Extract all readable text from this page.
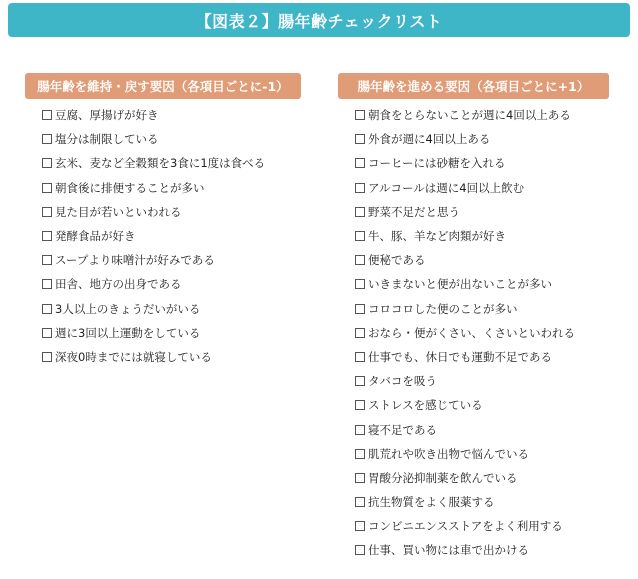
【図表２】腸年齢チェックリスト
腸年齢を維持・戻す要因（各項目ごとに-1）
豆腐、厚揚げが好き
塩分は制限している
玄米、麦など全穀類を3食に1度は食べる
朝食後に排便することが多い
見た目が若いといわれる
発酵食品が好き
スープより味噌汁が好みである
田舎、地方の出身である
3人以上のきょうだいがいる
週に3回以上運動をしている
深夜0時までには就寝している
腸年齢を進める要因（各項目ごとに+1）
朝食をとらないことが週に4回以上ある
外食が週に4回以上ある
コーヒーには砂糖を入れる
アルコールは週に4回以上飲む
野菜不足だと思う
牛、豚、羊など肉類が好き
便秘である
いきまないと便が出ないことが多い
コロコロした便のことが多い
おなら・便がくさい、くさいといわれる
仕事でも、休日でも運動不足である
タバコを吸う
ストレスを感じている
寝不足である
肌荒れや吹き出物で悩んでいる
胃酸分泌抑制薬を飲んでいる
抗生物質をよく服薬する
コンビニエンスストアをよく利用する
仕事、買い物には車で出かける
